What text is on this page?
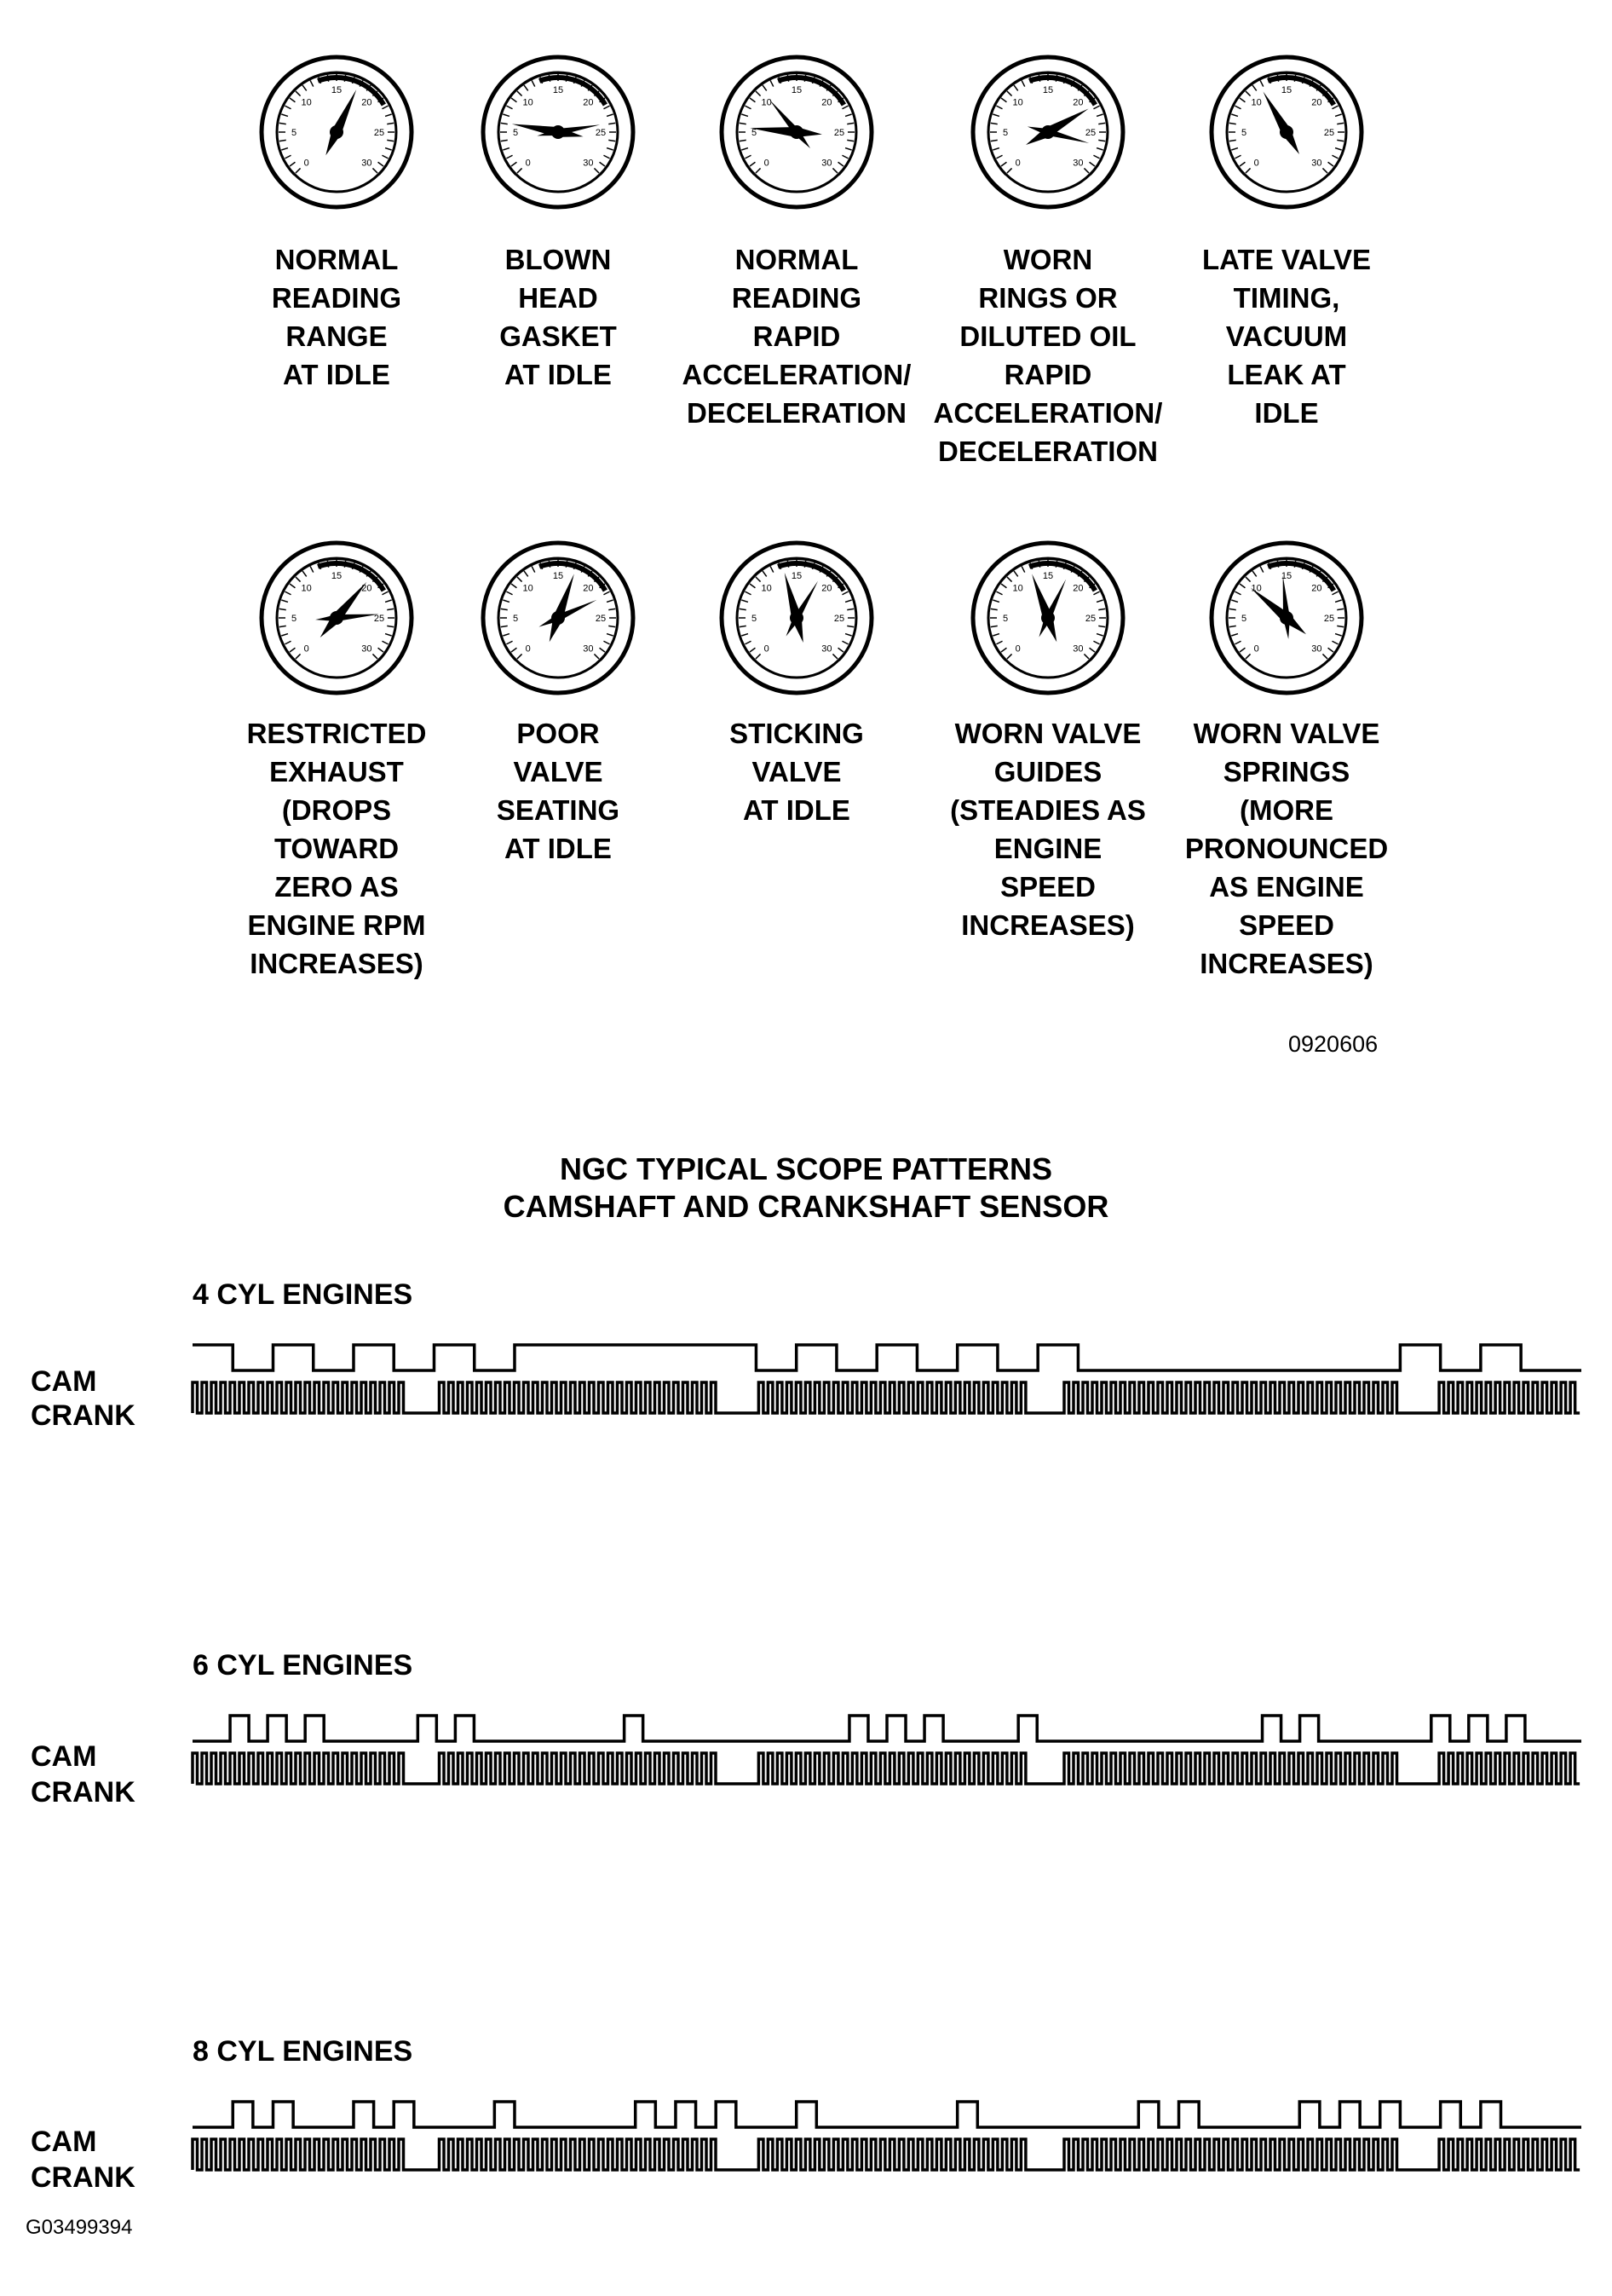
0
5
10
15
20
25
30
NORMAL
READING
RANGE
AT IDLE
0
5
10
15
20
25
30
BLOWN
HEAD
GASKET
AT IDLE
0
5
10
15
20
25
30
NORMAL
READING
RAPID
ACCELERATION/
DECELERATION
0
5
10
15
20
25
30
WORN
RINGS OR
DILUTED OIL
RAPID
ACCELERATION/
DECELERATION
0
5
10
15
20
25
30
LATE VALVE
TIMING,
VACUUM
LEAK AT
IDLE
0
5
10
15
20
25
30
RESTRICTED
EXHAUST
(DROPS
TOWARD
ZERO AS
ENGINE RPM
INCREASES)
0
5
10
15
20
25
30
POOR
VALVE
SEATING
AT IDLE
0
5
10
15
20
25
30
STICKING
VALVE
AT IDLE
0
5
10
15
20
25
30
WORN VALVE
GUIDES
(STEADIES AS
ENGINE
SPEED
INCREASES)
0
5
10
15
20
25
30
WORN VALVE
SPRINGS
(MORE
PRONOUNCED
AS ENGINE
SPEED
INCREASES)
0920606
NGC TYPICAL SCOPE PATTERNS
CAMSHAFT AND CRANKSHAFT SENSOR
4 CYL ENGINES
CAM
CRANK
6 CYL ENGINES
CAM
CRANK
8 CYL ENGINES
CAM
CRANK
G03499394
